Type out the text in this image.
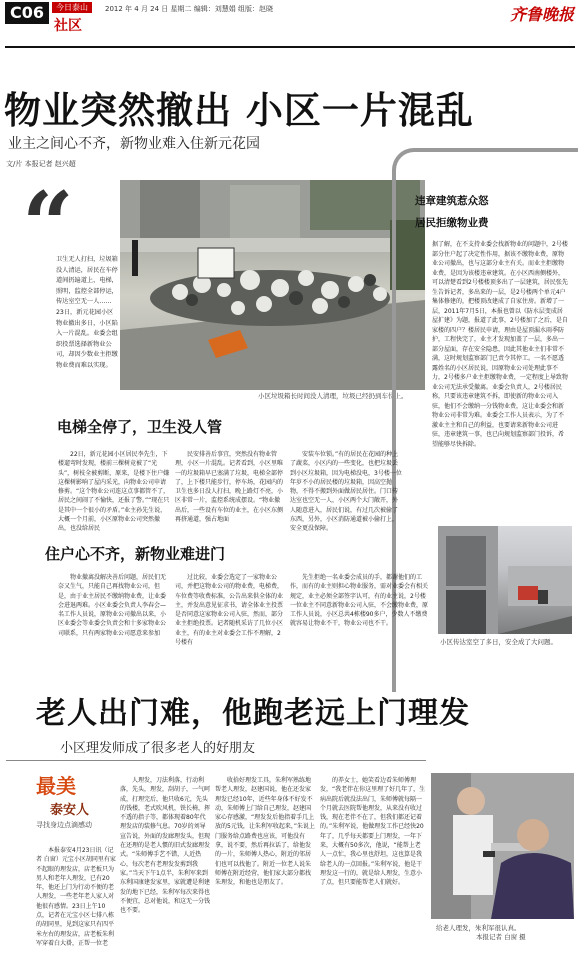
C06	今日泰山
社区
2012 年 4 月 24 日 星期二 编辑：刘慧娟 组版：赵晓	齐鲁晚报
物业突然撤出 小区一片混乱
业主之间心不齐，新物业难入住新元花园
文/片 本报记者 赵兴超
“
卫生无人打扫，垃圾箱没人清运，居民在车停道间扔遍道上，电梯，照明，监控全部停运，传达室空无一人……23日，新元花园小区物业撤出多日，小区陷入一片混乱。业委会组织投票选择新物业公司，却因少数业主拒缴物业费而难以实现。
小区垃圾箱长时间没人清理，垃圾已经扔到车位上。
违章建筑惹众怒
居民拒缴物业费
据了解，在不支持业委会找新物业的问题中，2号楼部分住户起了决定性作用，据该不缴物业费，原物业公司撤出，也与这部分业主有关。而业主拒缴物业费，是因为该楼违章建筑。在小区西南侧楼外，可以清楚看到2号楼楼顶多出了一层建筑，居民张先生告诉记者，多出来的一层，是2号楼两个单元4户集体修建的，把楼顶改建成了自家住房。新增了一层，2011年7月5日，本报也曾以《防水层变成居屋扩建》为题，报道了此事，2号楼加了之后，是自家楼的四户？楼居民申请，理由是屋顶漏水雨季防护，工程快完了，业主才发现加盖了一层，多出一部分屋面，存在安全隐患，因此其他业主们非常不满，这时规划监察部门已责令其停工。一名不愿透露姓名的小区居民说，因原物业公司处理此事不力，2号楼多户业主拒缴物业费，一定程度上导致物业公司无法承受撤离。业委会负责人，2号楼居民称，只要该违章建筑不拆，即使新的物业公司入驻，他们不会缴纳一分钱物业费，这让业委会和新物业公司非常为难。业委会工作人员表示，为了不激业主主和自己的利益，也要请来新物业公司进驻，违章建筑一事，也已向规划监察部门投诉，希望能够尽快拆除。
电梯全停了，卫生没人管
22日，新元花园小区居民李先生，下楼遛弯时发现，楼前三棵树竟被了“光头”，树枝全被剪断，原来，是楼下住户嫌这棵树影响了屋内采光，向物业公司申请修剪。“这个物业公司连这点事都管不了，居民之间闹了不愉快，还报了警。”“现在只是其中一个很小的矛盾。”业主孙先生说，大概一个月前，小区原物业公司突然撤出，也没给居民
民安排善后事宜，突然没有物业管理，小区一片混乱。记者看到，小区里唯一的垃圾箱早已塞满了垃圾，电梯全部停了，上下楼只能步行，停车场，花园内的卫生也多日没人打扫，晚上路灯不亮，小区非常一片，监控系统成摆设。“物业撤出后，一些设有车位的业主，在小区东侧再挤通道，强占地面
安装车位锁。”有的居民在花园的种上了蔬菜，小区内的一些变化，也把垃圾丢到小区垃圾箱，因为电梯没电，3号楼一位年岁不小的居民楼的垃圾箱，因高空抛物，不得不搬到外面做居民居住。门口传达室也空无一人，小区两个大门敞开，外人随意进入，居民们说，有过几次被偷了东西，另外，小区消防通道被小偷打上，安全更没保障。
住户心不齐，新物业难进门
物业撤离没解决善后问题，居民们无奈又生气，只能自己再找物业公司，但是，由于业主居民不缴纳物业费，让业委会进退两难。小区业委会负责人李春会—名工作人员说，原物业公司撤出以来，小区业委会等业委会负责会和十多家物业公司联系，只有两家物业公司愿意来参加
过比较，业委会选定了一家物业公司，并把这物业公司的物业费，电梯费，车位费等收费标准，公告出来供全体的业主，并发出意见征求书，请全体业主投票是否同意这家物业公司入驻，然而，部分业主拒绝投票。记者随机采访了几位小区业主，有的业主对业委会工作不理解，2号楼有
先生拒绝一名业委会成员的手，都谢他们的工作，而有的业主则担心物业服务，需对业委会有相关规定，业主必须全部签字认可，有的业主说，2号楼一位业主不同意新物业公司入驻，不会缴物业费，原工作人员说，小区总共4栋楼90多户，少数人不缴费就容易让物业不干，物业公司也不干。
小区传达室空了多日，安全成了大问题。
老人出门难，他跑老远上门理发
小区理发师成了很多老人的好朋友
最美
泰安人
寻找身边点滴感动
本报泰安4月23日讯（记者 白窗）元宝小区胡同里有家不起眼的理发店，店老板只为男人和老年人理发，已有20年，他还上门为行动不便的老人理发，一些老年老人家人对他很有感情。23日上午10点，记者在元宝小区七排八栋的胡同里，见到这家只有四平米左右的理发店，店老板朱利军穿着白大褂，正帮一位老
人理发，刀法利落，行动利落，先头，理发，刮胡子，一气呵成，打理完后，他只收6元，先头的钱楼，老式吹风机，铁长椅，挥不透的指子等，都体现着80年代理发店的装修气息。70岁的刘导宣告说，外面的发廊理发头，但现在还理的是老人惯的旧式发廊理发式。“朱师傅手艺不错，人近热心，每次老有老理发发剪到我家。”当天下午1点半，朱利军来到东利国康建发家里，家就遭是利建发的地下已经，朱利军每次来得也不便宜，总对他说，和这无一分钱也不要。
收拾好理发工具，朱利军熟练地帮老人理发，赵建国说，他在还发家理发已经10年，近些年身体不好发不动，朱师傅上门给自己理发，赵建国家心存感激，“理发发后他指着手几上放的5元钱，让朱利军收起来，”朱说上门服务给点路费也应该，可他没有拿，说不要，然后再拉话了，给他发的一片，朱师傅人热心，附近的邻居们也可以找他了。附近一位老人说朱师傅在附近经营，他们家大部分都找朱理发，和他也是朋友了。
的养女士，她笑看边看朱师傅理发，“我老伴在你这里理了好几年了，生病出院后就没法出门，朱师傅就每隔一个月就去医院帮他理发，从来没有收过钱，现在老伴不在了，但我们都还记着的。”朱利军说，他做理发工作已经快20年了，几乎每天都要上门理发，一年下来，大概有50多次，他说，“能帮上老人一点忙，我心里也舒坦，这也算是我给老人的一点回报。”朱利军说，他是干理发这一行的，就是给人理发，生意小了点，但只要能帮老人们就好。
给老人理发，朱利军很认真。
本报记者 白窗 摄
